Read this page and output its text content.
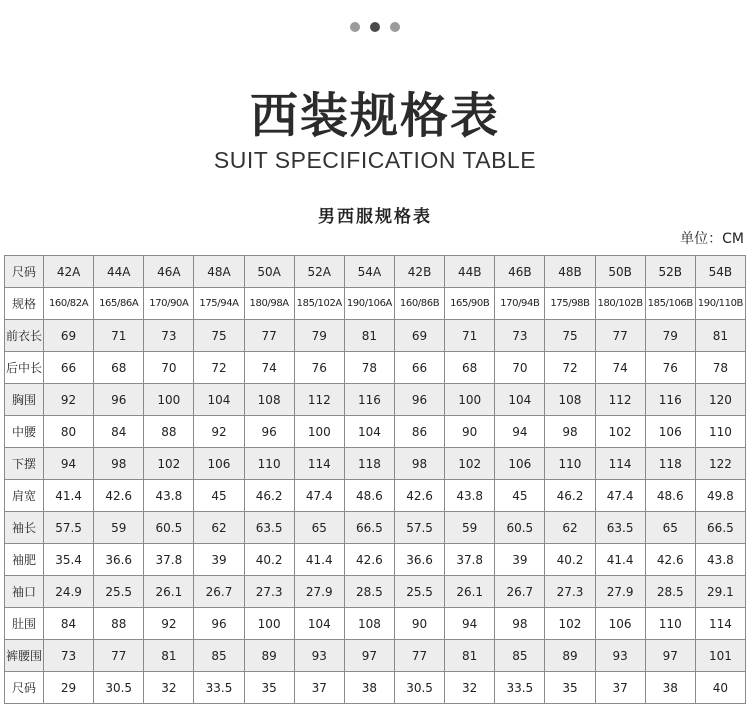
西装规格表
SUIT SPECIFICATION TABLE
男西服规格表
单位：CM
尺码	42A	44A	46A	48A	50A	52A	54A	42B	44B	46B	48B	50B	52B	54B
规格	160/82A	165/86A	170/90A	175/94A	180/98A	185/102A	190/106A	160/86B	165/90B	170/94B	175/98B	180/102B	185/106B	190/110B
前衣长	69	71	73	75	77	79	81	69	71	73	75	77	79	81
后中长	66	68	70	72	74	76	78	66	68	70	72	74	76	78
胸围	92	96	100	104	108	112	116	96	100	104	108	112	116	120
中腰	80	84	88	92	96	100	104	86	90	94	98	102	106	110
下摆	94	98	102	106	110	114	118	98	102	106	110	114	118	122
肩宽	41.4	42.6	43.8	45	46.2	47.4	48.6	42.6	43.8	45	46.2	47.4	48.6	49.8
袖长	57.5	59	60.5	62	63.5	65	66.5	57.5	59	60.5	62	63.5	65	66.5
袖肥	35.4	36.6	37.8	39	40.2	41.4	42.6	36.6	37.8	39	40.2	41.4	42.6	43.8
袖口	24.9	25.5	26.1	26.7	27.3	27.9	28.5	25.5	26.1	26.7	27.3	27.9	28.5	29.1
肚围	84	88	92	96	100	104	108	90	94	98	102	106	110	114
裤腰围	73	77	81	85	89	93	97	77	81	85	89	93	97	101
尺码	29	30.5	32	33.5	35	37	38	30.5	32	33.5	35	37	38	40
